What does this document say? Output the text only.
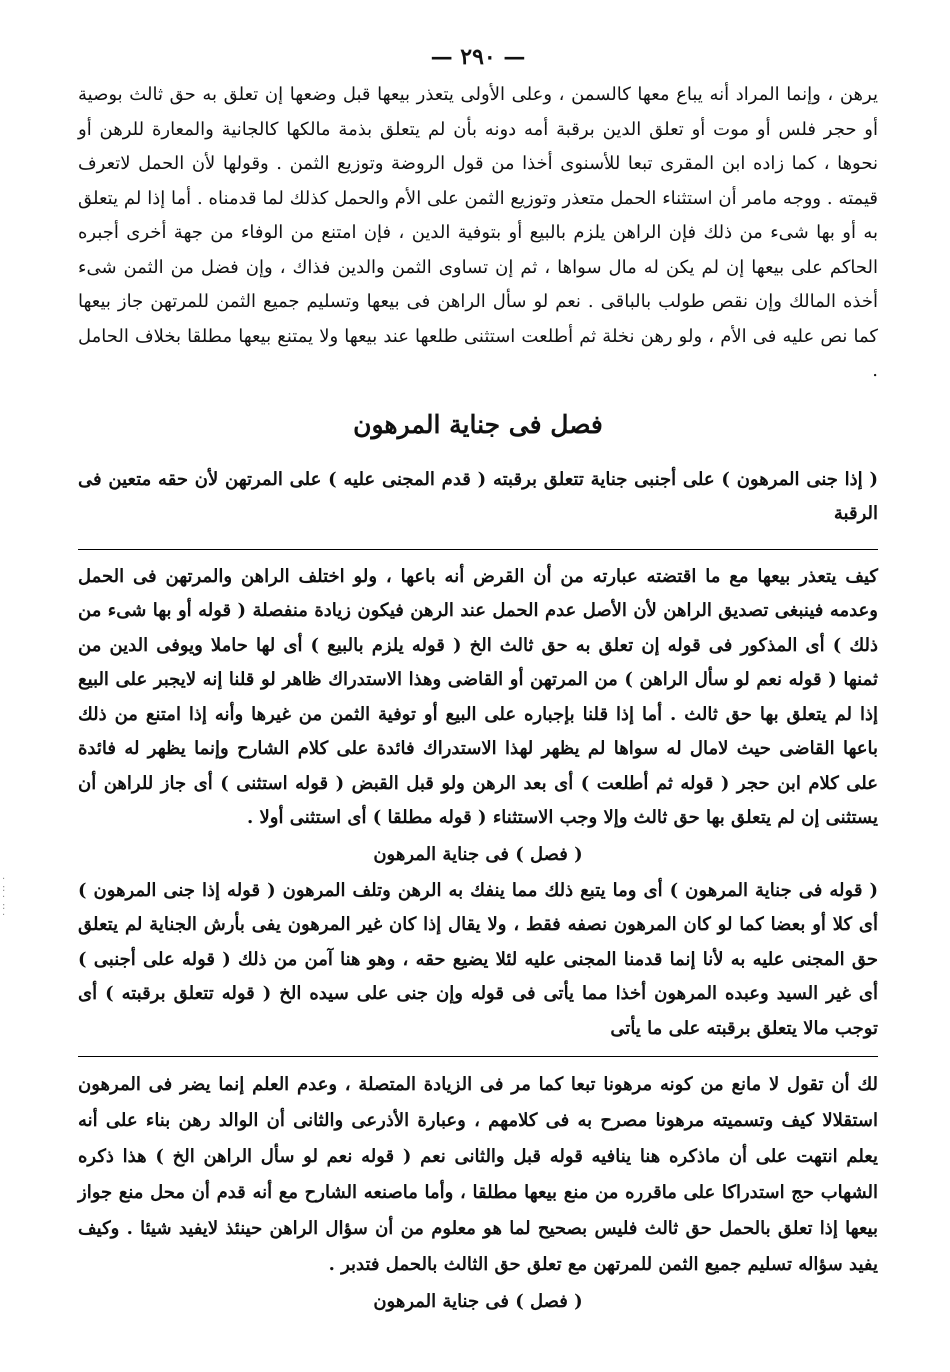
— ٢٩٠ —

يرهن ، وإنما المراد أنه يباع معها كالسمن ، وعلى الأولى يتعذر بيعها قبل وضعها إن تعلق به حق ثالث بوصية أو حجر فلس أو موت أو تعلق الدين برقبة أمه دونه بأن لم يتعلق بذمة مالكها كالجانية والمعارة للرهن أو نحوها ، كما زاده ابن المقرى تبعا للأسنوى أخذا من قول الروضة وتوزيع الثمن . وقولها لأن الحمل لاتعرف قيمته . ووجه مامر أن استثناء الحمل متعذر وتوزيع الثمن على الأم والحمل كذلك لما قدمناه . أما إذا لم يتعلق به أو بها شىء من ذلك فإن الراهن يلزم بالبيع أو بتوفية الدين ، فإن امتنع من الوفاء من جهة أخرى أجبره الحاكم على بيعها إن لم يكن له مال سواها ، ثم إن تساوى الثمن والدين فذاك ، وإن فضل من الثمن شىء أخذه المالك وإن نقص طولب بالباقى . نعم لو سأل الراهن فى بيعها وتسليم جميع الثمن للمرتهن جاز بيعها كما نص عليه فى الأم ، ولو رهن نخلة ثم أطلعت استثنى طلعها عند بيعها ولا يمتنع بيعها مطلقا بخلاف الحامل .

فصل فى جناية المرهون

( إذا جنى المرهون ) على أجنبى جناية تتعلق برقبته ( قدم المجنى عليه ) على المرتهن لأن حقه متعين فى الرقبة

كيف يتعذر بيعها مع ما اقتضته عبارته من أن القرض أنه باعها ، ولو اختلف الراهن والمرتهن فى الحمل وعدمه فينبغى تصديق الراهن لأن الأصل عدم الحمل عند الرهن فيكون زيادة منفصلة ( قوله أو بها شىء من ذلك ) أى المذكور فى قوله إن تعلق به حق ثالث الخ ( قوله يلزم بالبيع ) أى لها حاملا ويوفى الدين من ثمنها ( قوله نعم لو سأل الراهن ) من المرتهن أو القاضى وهذا الاستدراك ظاهر لو قلنا إنه لايجبر على البيع إذا لم يتعلق بها حق ثالث . أما إذا قلنا بإجباره على البيع أو توفية الثمن من غيرها وأنه إذا امتنع من ذلك باعها القاضى حيث لامال له سواها لم يظهر لهذا الاستدراك فائدة على كلام الشارح وإنما يظهر له فائدة على كلام ابن حجر ( قوله ثم أطلعت ) أى بعد الرهن ولو قبل القبض ( قوله استثنى ) أى جاز للراهن أن يستثنى إن لم يتعلق بها حق ثالث وإلا وجب الاستثناء ( قوله مطلقا ) أى استثنى أولا .

( فصل ) فى جناية المرهون

( قوله فى جناية المرهون ) أى وما يتبع ذلك مما ينفك به الرهن وتلف المرهون ( قوله إذا جنى المرهون ) أى كلا أو بعضا كما لو كان المرهون نصفه فقط ، ولا يقال إذا كان غير المرهون يفى بأرش الجناية لم يتعلق حق المجنى عليه به لأنا إنما قدمنا المجنى عليه لئلا يضيع حقه ، وهو هنا آمن من ذلك ( قوله على أجنبى ) أى غير السيد وعبده المرهون أخذا مما يأتى فى قوله وإن جنى على سيده الخ ( قوله تتعلق برقبته ) أى توجب مالا يتعلق برقبته على ما يأتى

لك أن تقول لا مانع من كونه مرهونا تبعا كما مر فى الزيادة المتصلة ، وعدم العلم إنما يضر فى المرهون استقلالا كيف وتسميته مرهونا مصرح به فى كلامهم ، وعبارة الأذرعى والثانى أن الوالد رهن بناء على أنه يعلم انتهت على أن ماذكره هنا ينافيه قوله قبل والثانى نعم ( قوله نعم لو سأل الراهن الخ ) هذا ذكره الشهاب حج استدراكا على ماقرره من منع بيعها مطلقا ، وأما ماصنعه الشارح مع أنه قدم أن محل منع جواز بيعها إذا تعلق بالحمل حق ثالث فليس بصحيح لما هو معلوم من أن سؤال الراهن حينئذ لايفيد شيئا . وكيف يفيد سؤاله تسليم جميع الثمن للمرتهن مع تعلق حق الثالث بالحمل فتدبر .

( فصل ) فى جناية المرهون
·
:
·
:
·
